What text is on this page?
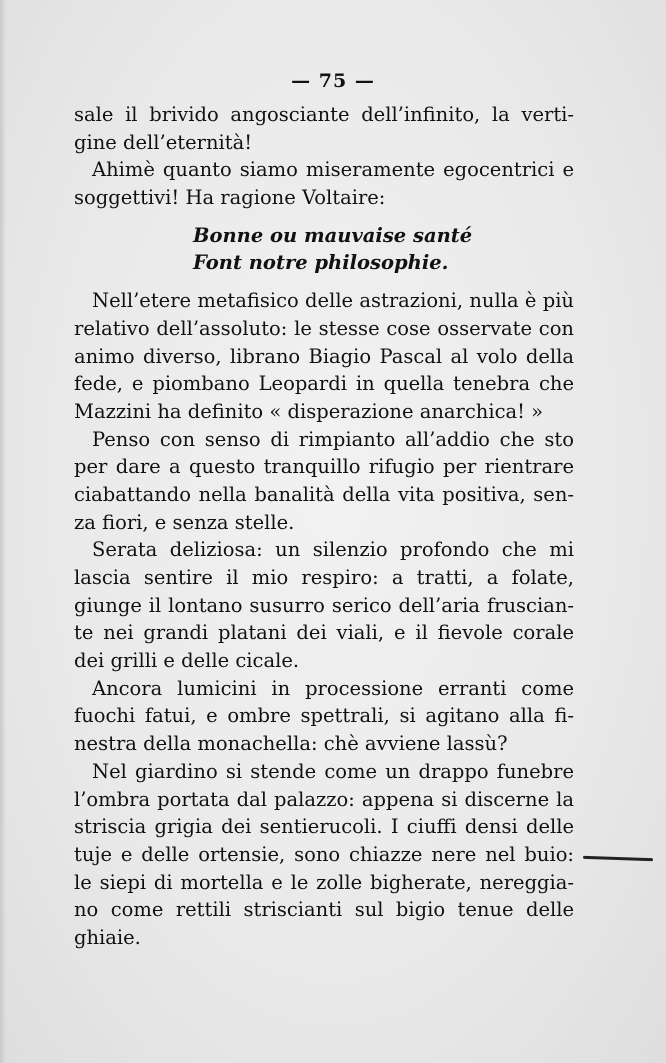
— 75 —
sale il brivido angosciante dell’infinito, la verti-
gine dell’eternità!
Ahimè quanto siamo miseramente egocentrici e
soggettivi! Ha ragione Voltaire:
Bonne ou mauvaise santé
Font notre philosophie.
Nell’etere metafisico delle astrazioni, nulla è più
relativo dell’assoluto: le stesse cose osservate con
animo diverso, librano Biagio Pascal al volo della
fede, e piombano Leopardi in quella tenebra che
Mazzini ha definito « disperazione anarchica! »
Penso con senso di rimpianto all’addio che sto
per dare a questo tranquillo rifugio per rientrare
ciabattando nella banalità della vita positiva, sen-
za fiori, e senza stelle.
Serata deliziosa: un silenzio profondo che mi
lascia sentire il mio respiro: a tratti, a folate,
giunge il lontano susurro serico dell’aria fruscian-
te nei grandi platani dei viali, e il fievole corale
dei grilli e delle cicale.
Ancora lumicini in processione erranti come
fuochi fatui, e ombre spettrali, si agitano alla fi-
nestra della monachella: chè avviene lassù?
Nel giardino si stende come un drappo funebre
l’ombra portata dal palazzo: appena si discerne la
striscia grigia dei sentierucoli. I ciuffi densi delle
tuje e delle ortensie, sono chiazze nere nel buio:
le siepi di mortella e le zolle bigherate, nereggia-
no come rettili striscianti sul bigio tenue delle
ghiaie.
